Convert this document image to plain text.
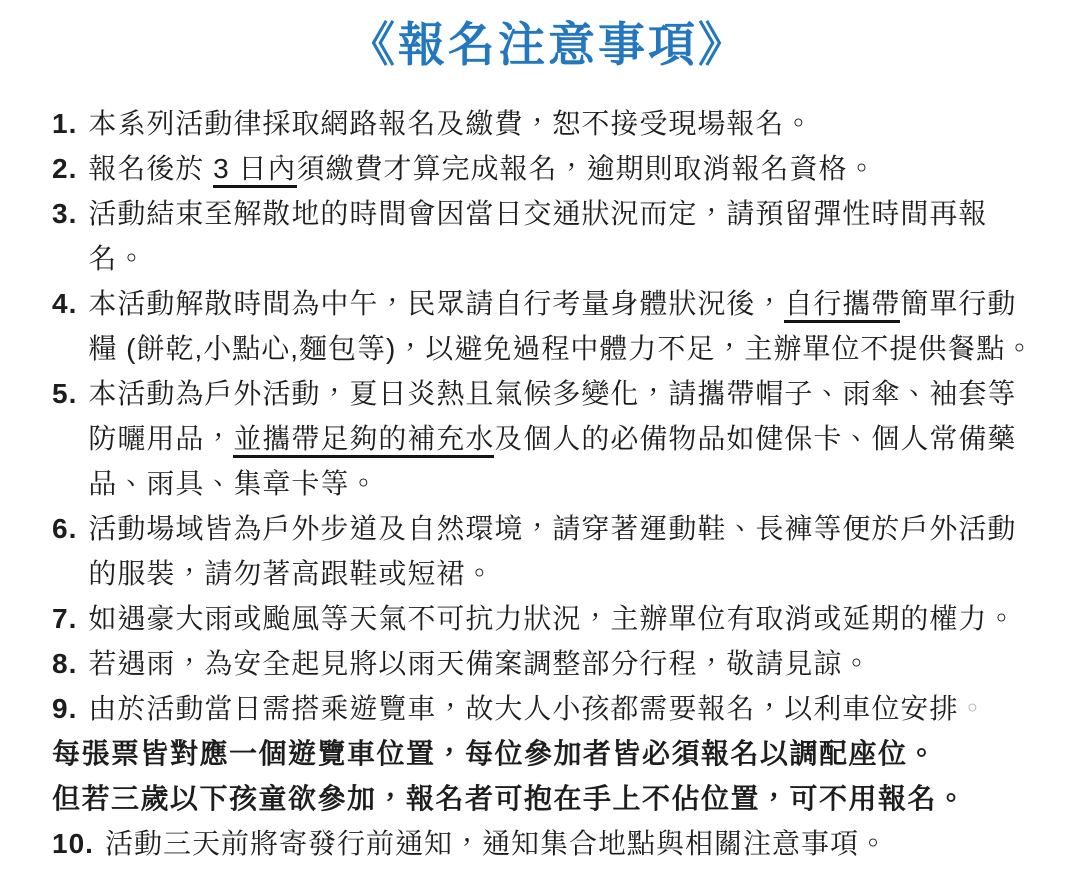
《報名注意事項》
1. 本系列活動律採取網路報名及繳費，恕不接受現場報名。
2. 報名後於 3 日內須繳費才算完成報名，逾期則取消報名資格。
3. 活動結束至解散地的時間會因當日交通狀況而定，請預留彈性時間再報名。
4. 本活動解散時間為中午，民眾請自行考量身體狀況後，自行攜帶簡單行動糧 (餅乾,小點心,麵包等)，以避免過程中體力不足，主辦單位不提供餐點。
5. 本活動為戶外活動，夏日炎熱且氣候多變化，請攜帶帽子、雨傘、袖套等防曬用品，並攜帶足夠的補充水及個人的必備物品如健保卡、個人常備藥品、雨具、集章卡等。
6. 活動場域皆為戶外步道及自然環境，請穿著運動鞋、長褲等便於戶外活動的服裝，請勿著高跟鞋或短裙。
7. 如遇豪大雨或颱風等天氣不可抗力狀況，主辦單位有取消或延期的權力。
8. 若遇雨，為安全起見將以雨天備案調整部分行程，敬請見諒。
9. 由於活動當日需搭乘遊覽車，故大人小孩都需要報名，以利車位安排。
每張票皆對應一個遊覽車位置，每位參加者皆必須報名以調配座位。
但若三歲以下孩童欲參加，報名者可抱在手上不佔位置，可不用報名。
10. 活動三天前將寄發行前通知，通知集合地點與相關注意事項。
